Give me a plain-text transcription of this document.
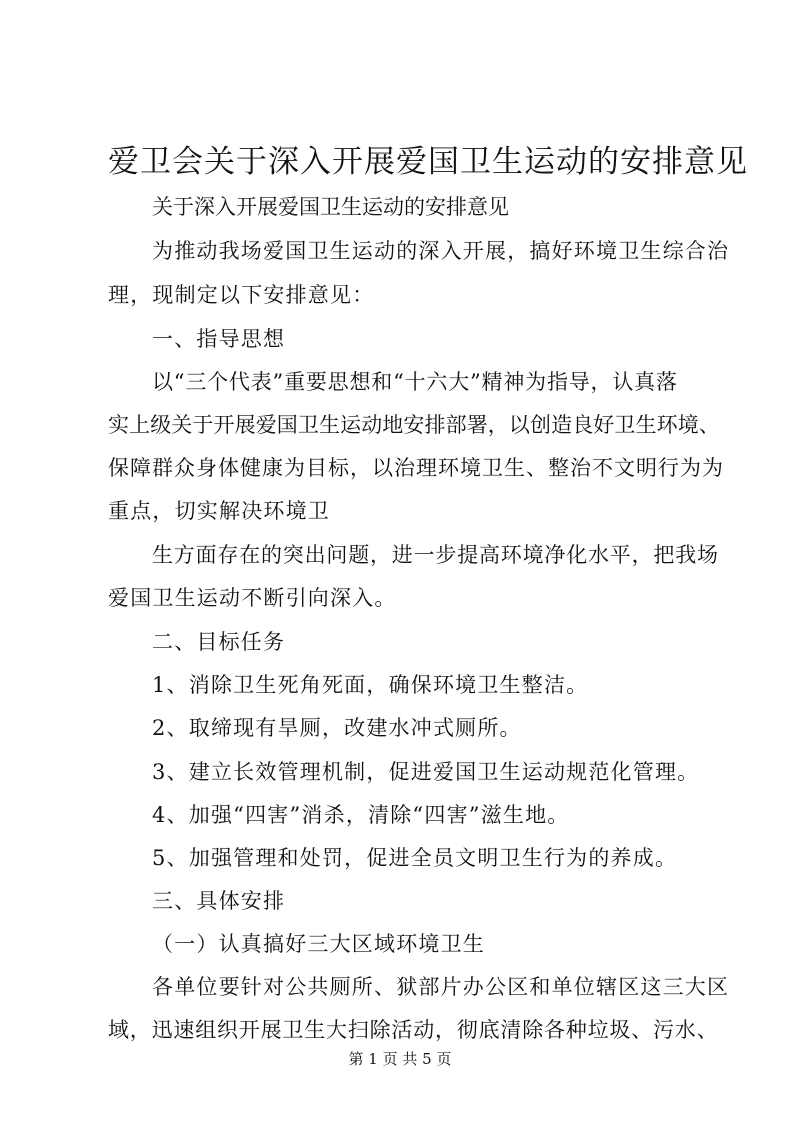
爱卫会关于深入开展爱国卫生运动的安排意见
关于深入开展爱国卫生运动的安排意见
为推动我场爱国卫生运动的深入开展，搞好环境卫生综合治
理，现制定以下安排意见：
一、指导思想
以“三个代表”重要思想和“十六大”精神为指导，认真落
实上级关于开展爱国卫生运动地安排部署，以创造良好卫生环境、
保障群众身体健康为目标，以治理环境卫生、整治不文明行为为
重点，切实解决环境卫
生方面存在的突出问题，进一步提高环境净化水平，把我场
爱国卫生运动不断引向深入。
二、目标任务
1、消除卫生死角死面，确保环境卫生整洁。
2、取缔现有旱厕，改建水冲式厕所。
3、建立长效管理机制，促进爱国卫生运动规范化管理。
4、加强“四害”消杀，清除“四害”滋生地。
5、加强管理和处罚，促进全员文明卫生行为的养成。
三、具体安排
（一）认真搞好三大区域环境卫生
各单位要针对公共厕所、狱部片办公区和单位辖区这三大区
域，迅速组织开展卫生大扫除活动，彻底清除各种垃圾、污水、
第 1 页 共 5 页
